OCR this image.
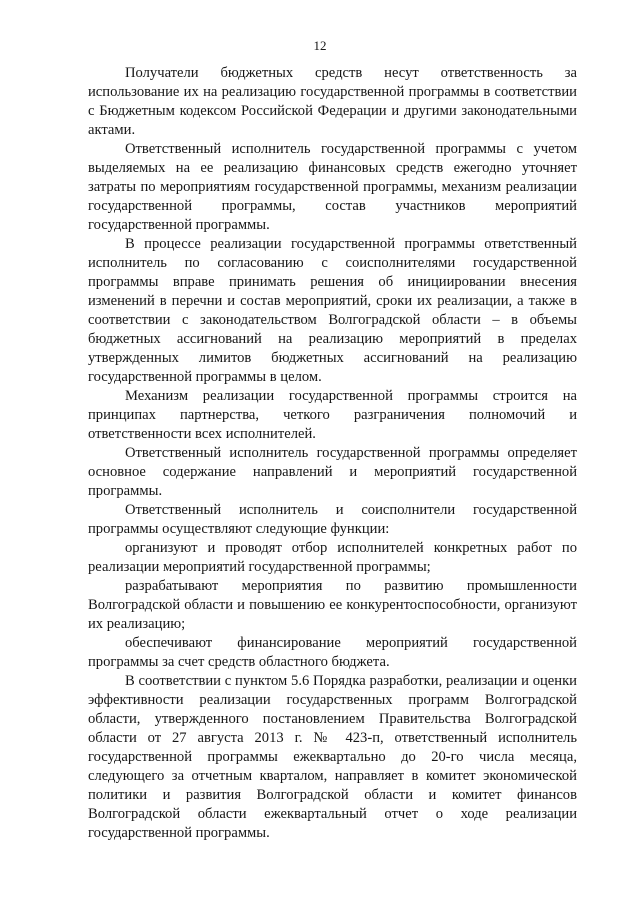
12

Получатели бюджетных средств несут ответственность за использование их на реализацию государственной программы в соответствии с Бюджетным кодексом Российской Федерации и другими законодательными актами.

Ответственный исполнитель государственной программы с учетом выделяемых на ее реализацию финансовых средств ежегодно уточняет затраты по мероприятиям государственной программы, механизм реализации государственной программы, состав участников мероприятий государственной программы.

В процессе реализации государственной программы ответственный исполнитель по согласованию с соисполнителями государственной программы вправе принимать решения об инициировании внесения изменений в перечни и состав мероприятий, сроки их реализации, а также в соответствии с законодательством Волгоградской области – в объемы бюджетных ассигнований на реализацию мероприятий в пределах утвержденных лимитов бюджетных ассигнований на реализацию государственной программы в целом.

Механизм реализации государственной программы строится на принципах партнерства, четкого разграничения полномочий и ответственности всех исполнителей.

Ответственный исполнитель государственной программы определяет основное содержание направлений и мероприятий государственной программы.

Ответственный исполнитель и соисполнители государственной программы осуществляют следующие функции:

организуют и проводят отбор исполнителей конкретных работ по реализации мероприятий государственной программы;

разрабатывают мероприятия по развитию промышленности Волгоградской области и повышению ее конкурентоспособности, организуют их реализацию;

обеспечивают финансирование мероприятий государственной программы за счет средств областного бюджета.

В соответствии с пунктом 5.6 Порядка разработки, реализации и оценки эффективности реализации государственных программ Волгоградской области, утвержденного постановлением Правительства Волгоградской области от 27 августа 2013 г. № 423-п, ответственный исполнитель государственной программы ежеквартально до 20-го числа месяца, следующего за отчетным кварталом, направляет в комитет экономической политики и развития Волгоградской области и комитет финансов Волгоградской области ежеквартальный отчет о ходе реализации государственной программы.
